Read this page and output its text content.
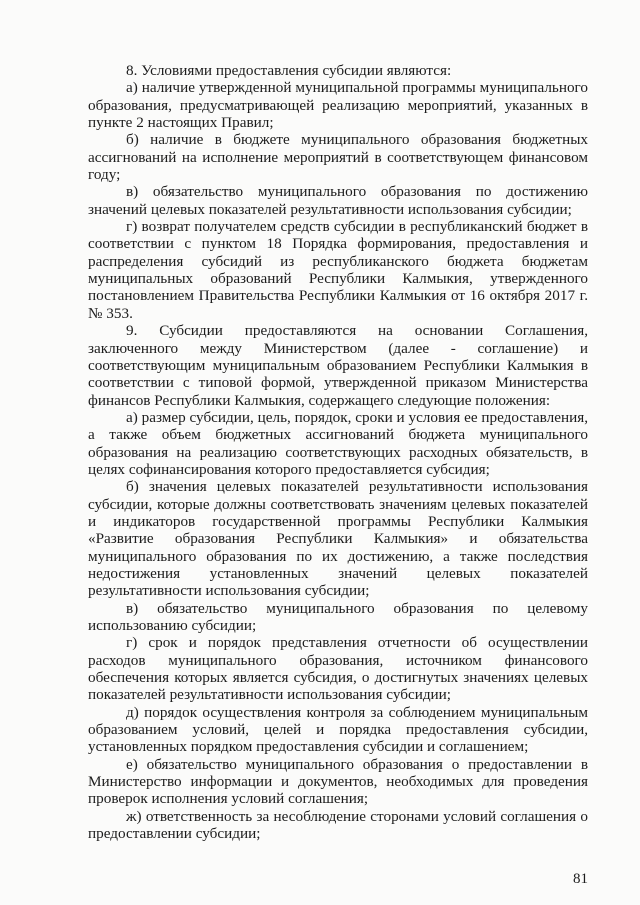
8. Условиями предоставления субсидии являются:

а) наличие утвержденной муниципальной программы муниципального образования, предусматривающей реализацию мероприятий, указанных в пункте 2 настоящих Правил;

б) наличие в бюджете муниципального образования бюджетных ассигнований на исполнение мероприятий в соответствующем финансовом году;

в) обязательство муниципального образования по достижению значений целевых показателей результативности использования субсидии;

г) возврат получателем средств субсидии в республиканский бюджет в соответствии с пунктом 18 Порядка формирования, предоставления и распределения субсидий из республиканского бюджета бюджетам муниципальных образований Республики Калмыкия, утвержденного постановлением Правительства Республики Калмыкия от 16 октября 2017 г. № 353.

9. Субсидии предоставляются на основании Соглашения, заключенного между Министерством (далее - соглашение) и соответствующим муниципальным образованием Республики Калмыкия в соответствии с типовой формой, утвержденной приказом Министерства финансов Республики Калмыкия, содержащего следующие положения:

а) размер субсидии, цель, порядок, сроки и условия ее предоставления, а также объем бюджетных ассигнований бюджета муниципального образования на реализацию соответствующих расходных обязательств, в целях софинансирования которого предоставляется субсидия;

б) значения целевых показателей результативности использования субсидии, которые должны соответствовать значениям целевых показателей и индикаторов государственной программы Республики Калмыкия «Развитие образования Республики Калмыкия» и обязательства муниципального образования по их достижению, а также последствия недостижения установленных значений целевых показателей результативности использования субсидии;

в) обязательство муниципального образования по целевому использованию субсидии;

г) срок и порядок представления отчетности об осуществлении расходов муниципального образования, источником финансового обеспечения которых является субсидия, о достигнутых значениях целевых показателей результативности использования субсидии;

д) порядок осуществления контроля за соблюдением муниципальным образованием условий, целей и порядка предоставления субсидии, установленных порядком предоставления субсидии и соглашением;

е) обязательство муниципального образования о предоставлении в Министерство информации и документов, необходимых для проведения проверок исполнения условий соглашения;

ж) ответственность за несоблюдение сторонами условий соглашения о предоставлении субсидии;

81
